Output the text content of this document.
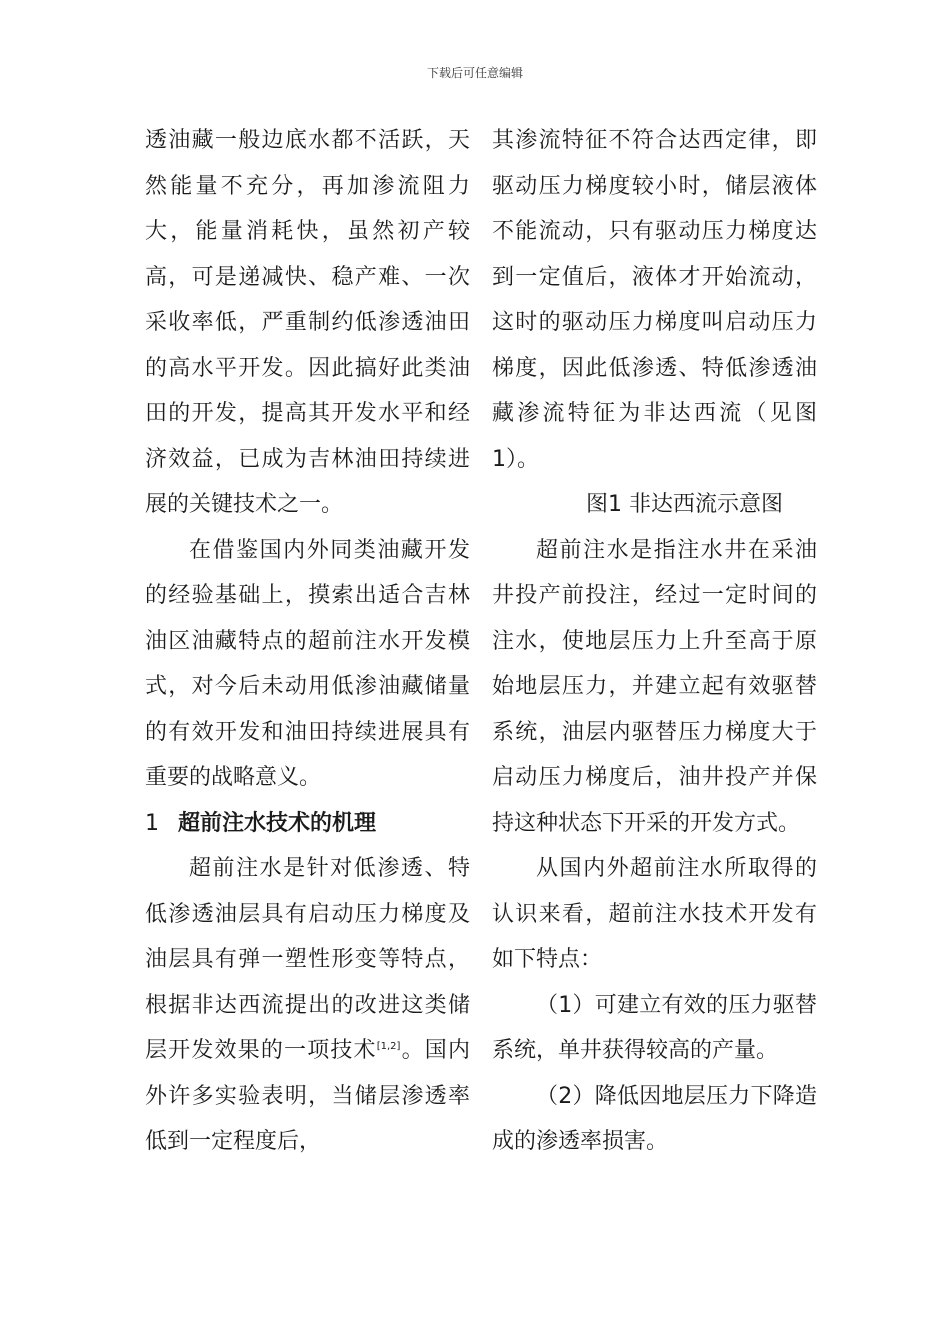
下载后可任意编辑

透油藏一般边底水都不活跃，天然能量不充分，再加渗流阻力大，能量消耗快，虽然初产较高，可是递减快、稳产难、一次采收率低，严重制约低渗透油田的高水平开发。因此搞好此类油田的开发，提高其开发水平和经济效益，已成为吉林油田持续进展的关键技术之一。

在借鉴国内外同类油藏开发的经验基础上，摸索出适合吉林油区油藏特点的超前注水开发模式，对今后未动用低渗油藏储量的有效开发和油田持续进展具有重要的战略意义。

1 超前注水技术的机理

超前注水是针对低渗透、特低渗透油层具有启动压力梯度及油层具有弹一塑性形变等特点，根据非达西流提出的改进这类储层开发效果的一项技术[1,2]。国内外许多实验表明，当储层渗透率低到一定程度后，

其渗流特征不符合达西定律，即驱动压力梯度较小时，储层液体不能流动，只有驱动压力梯度达到一定值后，液体才开始流动，这时的驱动压力梯度叫启动压力梯度，因此低渗透、特低渗透油藏渗流特征为非达西流（见图1）。

图1 非达西流示意图

超前注水是指注水井在采油井投产前投注，经过一定时间的注水，使地层压力上升至高于原始地层压力，并建立起有效驱替系统，油层内驱替压力梯度大于启动压力梯度后，油井投产并保持这种状态下开采的开发方式。

从国内外超前注水所取得的认识来看，超前注水技术开发有如下特点：

（1）可建立有效的压力驱替系统，单井获得较高的产量。

（2）降低因地层压力下降造成的渗透率损害。
